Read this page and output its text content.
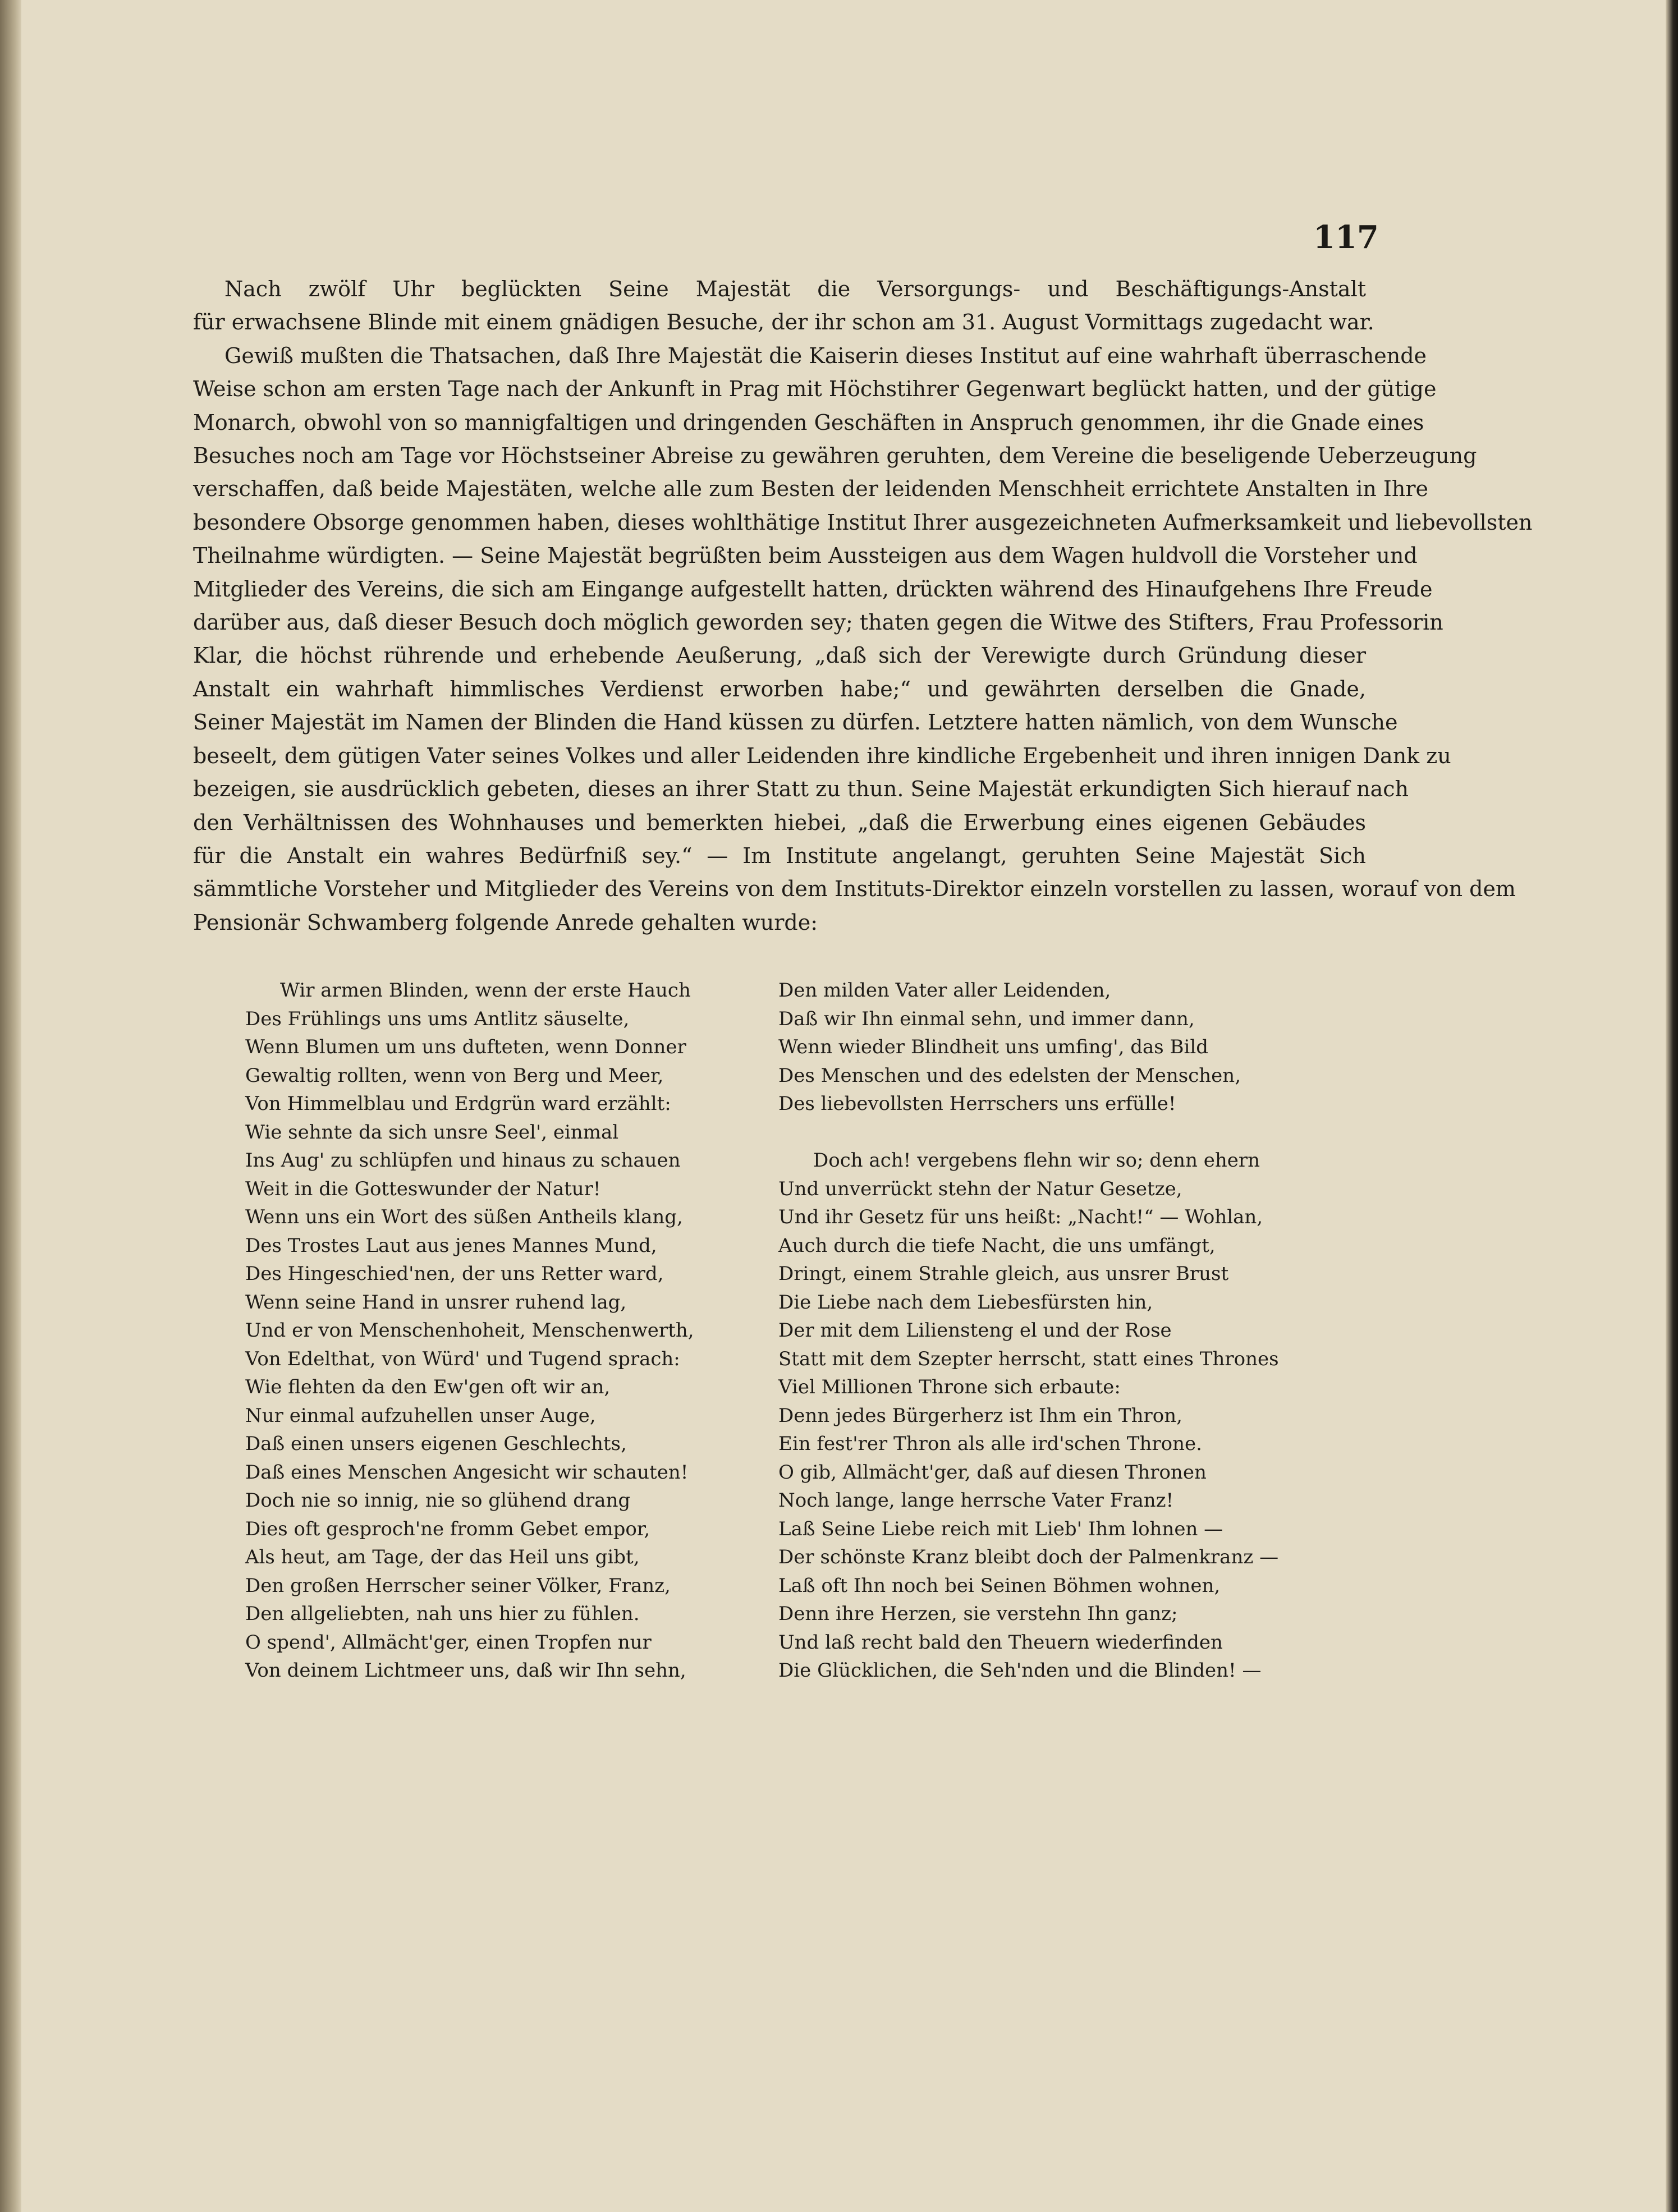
117
Nach zwölf Uhr beglückten Seine Majestät die Versorgungs- und Beschäftigungs-Anstalt
für erwachsene Blinde mit einem gnädigen Besuche, der ihr schon am 31. August Vormittags zugedacht war.
Gewiß mußten die Thatsachen, daß Ihre Majestät die Kaiserin dieses Institut auf eine wahrhaft überraschende
Weise schon am ersten Tage nach der Ankunft in Prag mit Höchstihrer Gegenwart beglückt hatten, und der gütige
Monarch, obwohl von so mannigfaltigen und dringenden Geschäften in Anspruch genommen, ihr die Gnade eines
Besuches noch am Tage vor Höchstseiner Abreise zu gewähren geruhten, dem Vereine die beseligende Ueberzeugung
verschaffen, daß beide Majestäten, welche alle zum Besten der leidenden Menschheit errichtete Anstalten in Ihre
besondere Obsorge genommen haben, dieses wohlthätige Institut Ihrer ausgezeichneten Aufmerksamkeit und liebevollsten
Theilnahme würdigten. — Seine Majestät begrüßten beim Aussteigen aus dem Wagen huldvoll die Vorsteher und
Mitglieder des Vereins, die sich am Eingange aufgestellt hatten, drückten während des Hinaufgehens Ihre Freude
darüber aus, daß dieser Besuch doch möglich geworden sey; thaten gegen die Witwe des Stifters, Frau Professorin
Klar, die höchst rührende und erhebende Aeußerung, „daß sich der Verewigte durch Gründung dieser
Anstalt ein wahrhaft himmlisches Verdienst erworben habe;“ und gewährten derselben die Gnade,
Seiner Majestät im Namen der Blinden die Hand küssen zu dürfen. Letztere hatten nämlich, von dem Wunsche
beseelt, dem gütigen Vater seines Volkes und aller Leidenden ihre kindliche Ergebenheit und ihren innigen Dank zu
bezeigen, sie ausdrücklich gebeten, dieses an ihrer Statt zu thun. Seine Majestät erkundigten Sich hierauf nach
den Verhältnissen des Wohnhauses und bemerkten hiebei, „daß die Erwerbung eines eigenen Gebäudes
für die Anstalt ein wahres Bedürfniß sey.“ — Im Institute angelangt, geruhten Seine Majestät Sich
sämmtliche Vorsteher und Mitglieder des Vereins von dem Instituts-Direktor einzeln vorstellen zu lassen, worauf von dem
Pensionär Schwamberg folgende Anrede gehalten wurde:
Wir armen Blinden, wenn der erste Hauch
Des Frühlings uns ums Antlitz säuselte,
Wenn Blumen um uns dufteten, wenn Donner
Gewaltig rollten, wenn von Berg und Meer,
Von Himmelblau und Erdgrün ward erzählt:
Wie sehnte da sich unsre Seel', einmal
Ins Aug' zu schlüpfen und hinaus zu schauen
Weit in die Gotteswunder der Natur!
Wenn uns ein Wort des süßen Antheils klang,
Des Trostes Laut aus jenes Mannes Mund,
Des Hingeschied'nen, der uns Retter ward,
Wenn seine Hand in unsrer ruhend lag,
Und er von Menschenhoheit, Menschenwerth,
Von Edelthat, von Würd' und Tugend sprach:
Wie flehten da den Ew'gen oft wir an,
Nur einmal aufzuhellen unser Auge,
Daß einen unsers eigenen Geschlechts,
Daß eines Menschen Angesicht wir schauten!
Doch nie so innig, nie so glühend drang
Dies oft gesproch'ne fromm Gebet empor,
Als heut, am Tage, der das Heil uns gibt,
Den großen Herrscher seiner Völker, Franz,
Den allgeliebten, nah uns hier zu fühlen.
O spend', Allmächt'ger, einen Tropfen nur
Von deinem Lichtmeer uns, daß wir Ihn sehn,
Den milden Vater aller Leidenden,
Daß wir Ihn einmal sehn, und immer dann,
Wenn wieder Blindheit uns umfing', das Bild
Des Menschen und des edelsten der Menschen,
Des liebevollsten Herrschers uns erfülle!
Doch ach! vergebens flehn wir so; denn ehern
Und unverrückt stehn der Natur Gesetze,
Und ihr Gesetz für uns heißt: „Nacht!“ — Wohlan,
Auch durch die tiefe Nacht, die uns umfängt,
Dringt, einem Strahle gleich, aus unsrer Brust
Die Liebe nach dem Liebesfürsten hin,
Der mit dem Liliensteng el und der Rose
Statt mit dem Szepter herrscht, statt eines Thrones
Viel Millionen Throne sich erbaute:
Denn jedes Bürgerherz ist Ihm ein Thron,
Ein fest'rer Thron als alle ird'schen Throne.
O gib, Allmächt'ger, daß auf diesen Thronen
Noch lange, lange herrsche Vater Franz!
Laß Seine Liebe reich mit Lieb' Ihm lohnen —
Der schönste Kranz bleibt doch der Palmenkranz —
Laß oft Ihn noch bei Seinen Böhmen wohnen,
Denn ihre Herzen, sie verstehn Ihn ganz;
Und laß recht bald den Theuern wiederfinden
Die Glücklichen, die Seh'nden und die Blinden! —
